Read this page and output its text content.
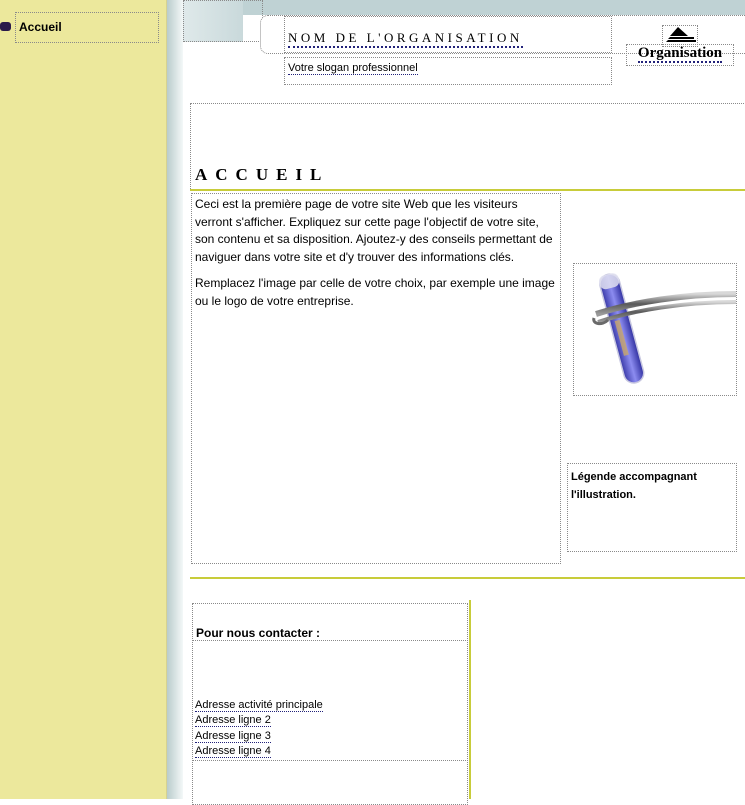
Accueil
NOM DE L'ORGANISATION
Votre slogan professionnel
Organisation
ACCUEIL

Ceci est la première page de votre site Web que les visiteurs verront s'afficher. Expliquez sur cette page l'objectif de votre site, son contenu et sa disposition. Ajoutez-y des conseils permettant de naviguer dans votre site et d'y trouver des informations clés.

Remplacez l'image par celle de votre choix, par exemple une image ou le logo de votre entreprise.

Légende accompagnant l'illustration.
Pour nous contacter :
Adresse activité principale
Adresse ligne 2
Adresse ligne 3
Adresse ligne 4
